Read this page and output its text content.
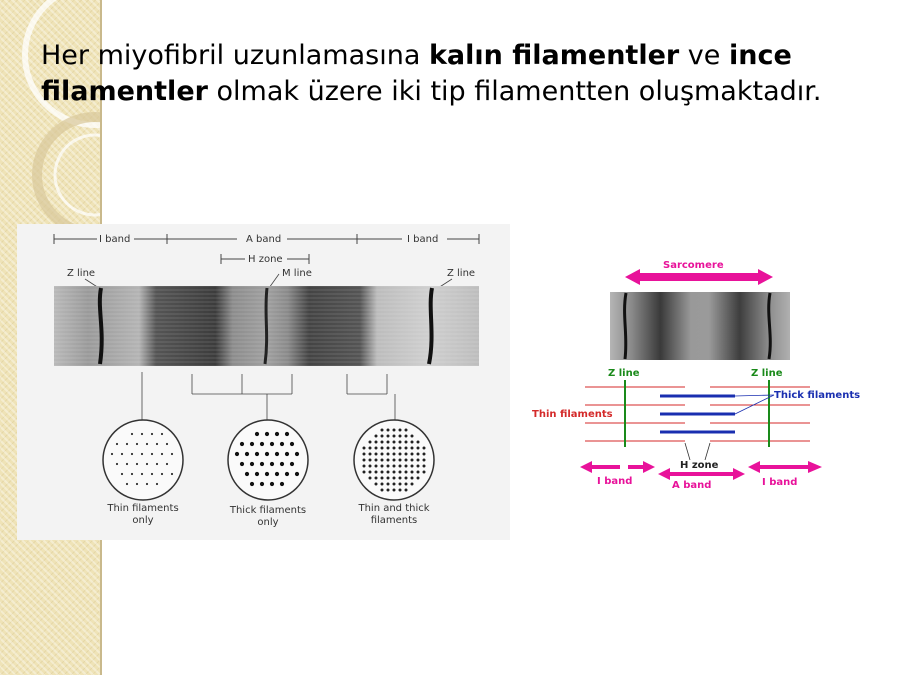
Her miyofibril uzunlamasına kalın filamentler ve ince filamentler olmak üzere iki tip filamentten oluşmaktadır.
I band	A band	I band
H zone
Z line	M line	Z line
Thin filaments
only
Thick filaments
only
Thin and thick
filaments
Sarcomere
Z line	Z line
Thin filaments
Thick filaments
H zone
I band	A band	I band
